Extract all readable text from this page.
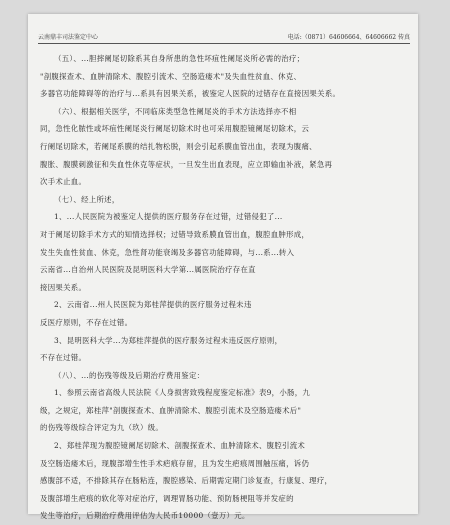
云南鼎丰司法鉴定中心	电话:（0871）64606664、64606662 传真
（五）、...胆摔阑尾切除系其自身所患的急性坏疽性阑尾炎所必需的治疗；
"剖腹探查术、血肿清除术、腹腔引流术、空肠造瘘术"及失血性贫血、休克、
多器官功能障碍等的治疗与...系具有因果关系，被鉴定人医院的过错存在直接因果关系。
（六）、根据相关医学，不同临床类型急性阑尾炎的手术方法选择亦不相
同，急性化脓性或坏疽性阑尾炎行阑尾切除术时也可采用腹腔镜阑尾切除术，云
行阑尾切除术，若阑尾系膜的结扎物松脱，则会引起系膜血管出血，表现为腹痛、
腹胀、腹膜刺激征和失血性休克等症状，一旦发生出血表现，应立即输血补液，紧急再
次手术止血。
（七）、经上所述，
1、...人民医院为被鉴定人提供的医疗服务存在过错，过错侵犯了...
对于阑尾切除手术方式的知情选择权；过错导致系膜血管出血，腹腔血肿形成，
发生失血性贫血、休克，急性肾功能衰竭及多器官功能障碍，与...系...转入
云南省...自治州人民医院及昆明医科大学第...属医院治疗存在直
接因果关系。
2、云南省...州人民医院为郑桂萍提供的医疗服务过程未违
反医疗原则，不存在过错。
3、昆明医科大学...为郑桂萍提供的医疗服务过程未违反医疗原则，
不存在过错。
（八）、...的伤残等级及后期治疗费用鉴定：
1、参照云南省高级人民法院《人身损害致残程度鉴定标准》表9，小肠，九
级，之规定，郑桂萍"剖腹探查术、血肿清除术、腹腔引流术及空肠造瘘术后"
的伤残等级综合评定为九（玖）级。
2、郑桂萍现为腹腔镜阑尾切除术、剖腹探查术、血肿清除术、腹腔引流术
及空肠造瘘术后，现腹部增生性手术疤痕存留，且为发生疤痕周围触压痛，诉仍
感腹部不适，不排除其存在肠粘连，腹腔感染、后期需定期门诊复查，行康复、理疗，
及腹部增生疤痕的软化等对症治疗，调理胃肠功能、预防肠梗阻等并发症的
发生等治疗，后期治疗费用评估为人民币10000（壹万）元。
